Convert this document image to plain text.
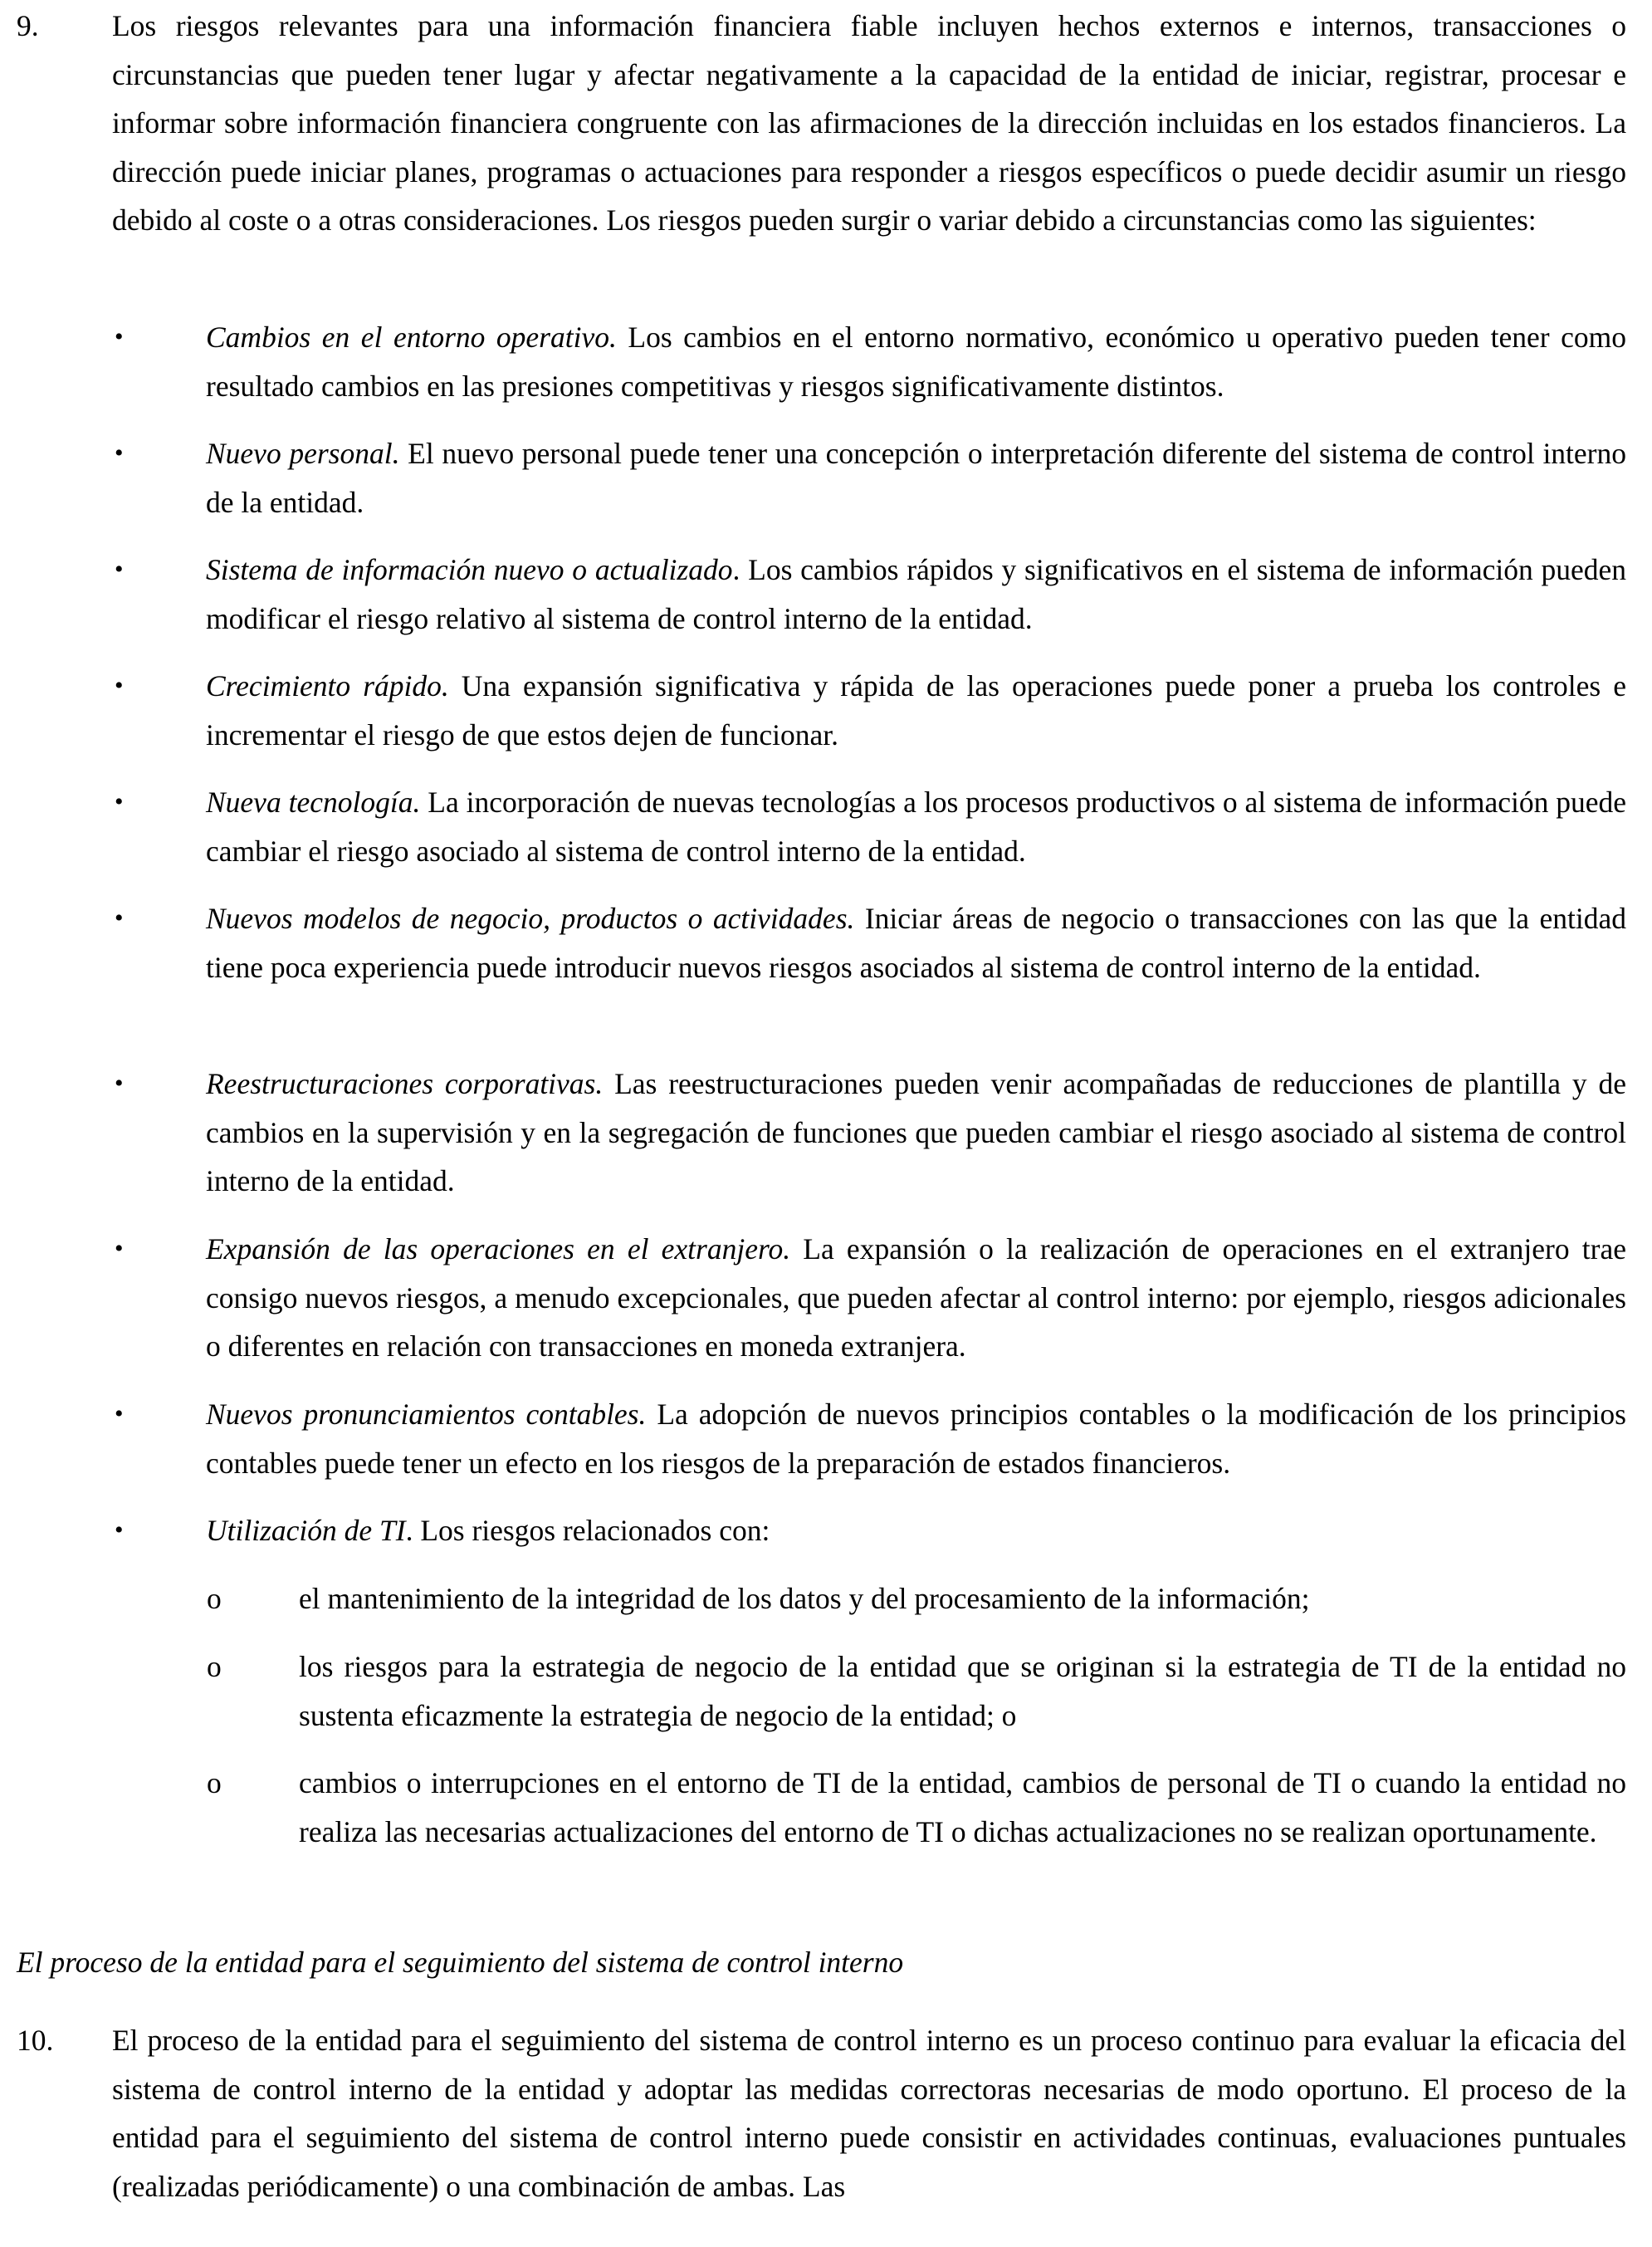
9. Los riesgos relevantes para una información financiera fiable incluyen hechos externos e internos, transacciones o circunstancias que pueden tener lugar y afectar negativamente a la capacidad de la entidad de iniciar, registrar, procesar e informar sobre información financiera congruente con las afirmaciones de la dirección incluidas en los estados financieros. La dirección puede iniciar planes, programas o actuaciones para responder a riesgos específicos o puede decidir asumir un riesgo debido al coste o a otras consideraciones. Los riesgos pueden surgir o variar debido a circunstancias como las siguientes:
•	Cambios en el entorno operativo. Los cambios en el entorno normativo, económico u operativo pueden tener como resultado cambios en las presiones competitivas y riesgos significativamente distintos.
•	Nuevo personal. El nuevo personal puede tener una concepción o interpretación diferente del sistema de control interno de la entidad.
•	Sistema de información nuevo o actualizado. Los cambios rápidos y significativos en el sistema de información pueden modificar el riesgo relativo al sistema de control interno de la entidad.
•	Crecimiento rápido. Una expansión significativa y rápida de las operaciones puede poner a prueba los controles e incrementar el riesgo de que estos dejen de funcionar.
•	Nueva tecnología. La incorporación de nuevas tecnologías a los procesos productivos o al sistema de información puede cambiar el riesgo asociado al sistema de control interno de la entidad.
•	Nuevos modelos de negocio, productos o actividades. Iniciar áreas de negocio o transacciones con las que la entidad tiene poca experiencia puede introducir nuevos riesgos asociados al sistema de control interno de la entidad.
•	Reestructuraciones corporativas. Las reestructuraciones pueden venir acompañadas de reducciones de plantilla y de cambios en la supervisión y en la segregación de funciones que pueden cambiar el riesgo asociado al sistema de control interno de la entidad.
•	Expansión de las operaciones en el extranjero. La expansión o la realización de operaciones en el extranjero trae consigo nuevos riesgos, a menudo excepcionales, que pueden afectar al control interno: por ejemplo, riesgos adicionales o diferentes en relación con transacciones en moneda extranjera.
•	Nuevos pronunciamientos contables. La adopción de nuevos principios contables o la modificación de los principios contables puede tener un efecto en los riesgos de la preparación de estados financieros.
•	Utilización de TI. Los riesgos relacionados con:
o	el mantenimiento de la integridad de los datos y del procesamiento de la información;
o	los riesgos para la estrategia de negocio de la entidad que se originan si la estrategia de TI de la entidad no sustenta eficazmente la estrategia de negocio de la entidad; o
o	cambios o interrupciones en el entorno de TI de la entidad, cambios de personal de TI o cuando la entidad no realiza las necesarias actualizaciones del entorno de TI o dichas actualizaciones no se realizan oportunamente.
El proceso de la entidad para el seguimiento del sistema de control interno
10. El proceso de la entidad para el seguimiento del sistema de control interno es un proceso continuo para evaluar la eficacia del sistema de control interno de la entidad y adoptar las medidas correctoras necesarias de modo oportuno. El proceso de la entidad para el seguimiento del sistema de control interno puede consistir en actividades continuas, evaluaciones puntuales (realizadas periódicamente) o una combinación de ambas. Las
